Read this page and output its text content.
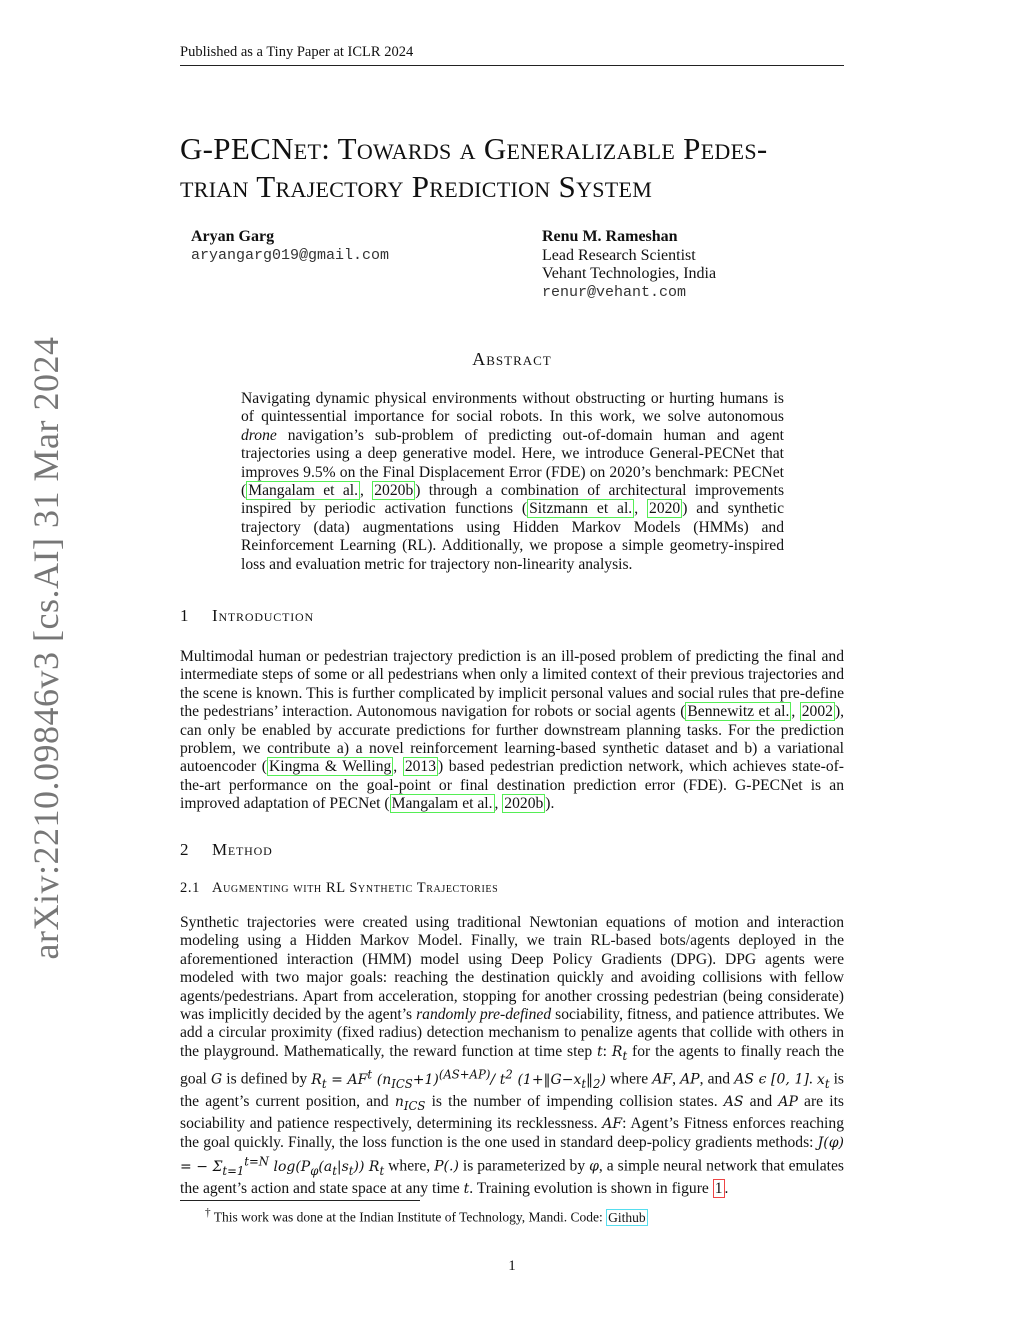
Published as a Tiny Paper at ICLR 2024
arXiv:2210.09846v3 [cs.AI] 31 Mar 2024
G-PECNet: Towards a Generalizable Pedes-
trian Trajectory Prediction System
Aryan Garg
aryangarg019@gmail.com
Renu M. Rameshan
Lead Research Scientist
Vehant Technologies, India
renur@vehant.com
Abstract
Navigating dynamic physical environments without obstructing or hurting humans is of quintessential importance for social robots. In this work, we solve autonomous drone navigation’s sub-problem of predicting out-of-domain human and agent trajectories using a deep generative model. Here, we introduce General-PECNet that improves 9.5% on the Final Displacement Error (FDE) on 2020’s benchmark: PECNet ( Mangalam et al. , 2020b ) through a combination of architectural improvements inspired by periodic activation functions ( Sitzmann et al. , 2020 ) and synthetic trajectory (data) augmentations using Hidden Markov Models (HMMs) and Reinforcement Learning (RL). Additionally, we propose a simple geometry-inspired loss and evaluation metric for trajectory non-linearity analysis.
1 Introduction
Multimodal human or pedestrian trajectory prediction is an ill-posed problem of predicting the final and intermediate steps of some or all pedestrians when only a limited context of their previous trajectories and the scene is known. This is further complicated by implicit personal values and social rules that pre-define the pedestrians’ interaction. Autonomous navigation for robots or social agents ( Bennewitz et al. , 2002 ), can only be enabled by accurate predictions for further downstream planning tasks. For the prediction problem, we contribute a) a novel reinforcement learning-based synthetic dataset and b) a variational autoencoder ( Kingma & Welling , 2013 ) based pedestrian prediction network, which achieves state-of-the-art performance on the goal-point or final destination prediction error (FDE). G-PECNet is an improved adaptation of PECNet ( Mangalam et al. , 2020b ).
2 Method
2.1 Augmenting with RL Synthetic Trajectories
Synthetic trajectories were created using traditional Newtonian equations of motion and interaction modeling using a Hidden Markov Model. Finally, we train RL-based bots/agents deployed in the aforementioned interaction (HMM) model using Deep Policy Gradients (DPG). DPG agents were modeled with two major goals: reaching the destination quickly and avoiding collisions with fellow agents/pedestrians. Apart from acceleration, stopping for another crossing pedestrian (being considerate) was implicitly decided by the agent’s randomly pre-defined sociability, fitness, and patience attributes. We add a circular proximity (fixed radius) detection mechanism to penalize agents that collide with others in the playground. Mathematically, the reward function at time step t: $R_t$ for the agents to finally reach the goal G is defined by $R_t = AF^t$ $(n_{ICS}+1)^{(AS+AP)}/$ $t^2$ $(1+‖G-x_t‖_2)$ where AF, AP, and AS ϵ [0, 1]. $x_t$ is the agent’s current position, and $n_{ICS}$ is the number of impending collision states. AS and AP are its sociability and patience respectively, determining its recklessness. AF: Agent’s Fitness enforces reaching the goal quickly. Finally, the loss function is the one used in standard deep-policy gradients methods: J(φ) = − $\Sigma_{t=1}^{t=N}$ $\log(P_\varphi(a_t|s_t))$ $R_t$ where, P(.) is parameterized by φ, a simple neural network that emulates the agent’s action and state space at any time t. Training evolution is shown in figure 1 .
† This work was done at the Indian Institute of Technology, Mandi. Code: Github
1
